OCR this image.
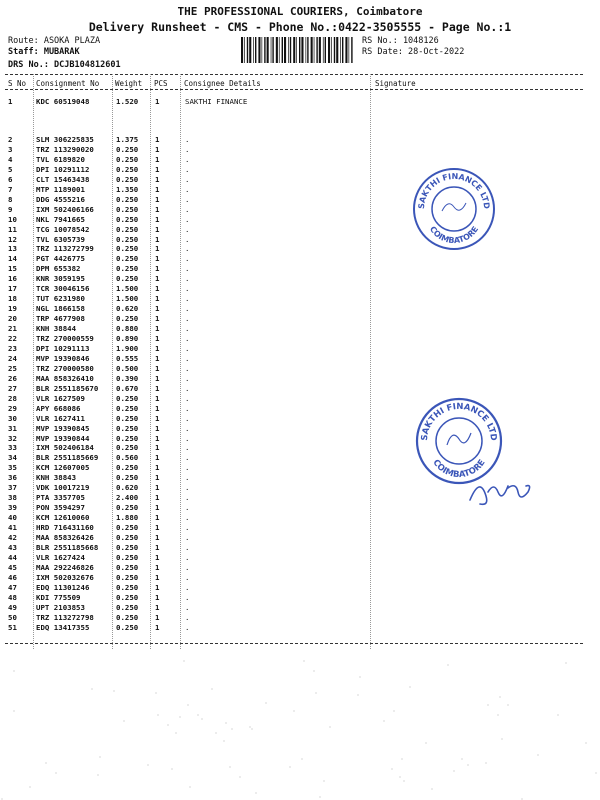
THE PROFESSIONAL COURIERS, Coimbatore
Delivery Runsheet - CMS - Phone No.:0422-3505555 - Page No.:1
Route: ASOKA PLAZA
Staff: MUBARAK
DRS No.: DCJB104812601
RS No.: 1048126
RS Date: 28-Oct-2022
S No Consignment No Weight PCS Consignee Details	Signature
1	KDC 60519048	1.520 1	SAKTHI FINANCE
2	SLM 306225835	1.375 1	.
3	TRZ 113290020	0.250 1	.
4	TVL 6189820	0.250 1	.
5	DPI 10291112	0.250 1	.
6	CLT 15463438	0.250 1	.
7	MTP 1189001	1.350 1	.
8	DDG 4555216	0.250 1	.
9	IXM 502406166	0.250 1	.
10	NKL 7941665	0.250 1	.
11	TCG 10078542	0.250 1	.
12	TVL 6305739	0.250 1	.
13	TRZ 113272799	0.250 1	.
14	PGT 4426775	0.250 1	.
15	DPM 655382	0.250 1	.
16	KNR 3059195	0.250 1	.
17	TCR 30046156	1.500 1	.
18	TUT 6231980	1.500 1	.
19	NGL 1866158	0.620 1	.
20	TRP 4677908	0.250 1	.
21	KNH 38844	0.880 1	.
22	TRZ 270000559	0.890 1	.
23	DPI 10291113	1.900 1	.
24	MVP 19390846	0.555 1	.
25	TRZ 270000580	0.500 1	.
26	MAA 858326410	0.390 1	.
27	BLR 2551185670 0.670 1	.
28	VLR 1627509	0.250 1	.
29	APY 668086	0.250 1	.
30	VLR 1627411	0.250 1	.
31	MVP 19390845	0.250 1	.
32	MVP 19390844	0.250 1	.
33	IXM 502406184	0.250 1	.
34	BLR 2551185669 0.560 1	.
35	KCM 12607005	0.250 1	.
36	KNH 38843	0.250 1	.
37	VDK 10017219	0.620 1	.
38	PTA 3357705	2.400 1	.
39	PON 3594297	0.250 1	.
40	KCM 12610060	1.880 1	.
41	HRD 716431160	0.250 1	.
42	MAA 858326426	0.250 1	.
43	BLR 2551185668 0.250 1	.
44	VLR 1627424	0.250 1	.
45	MAA 292246826	0.250 1	.
46	IXM 502032676	0.250 1	.
47	EDQ 11301246	0.250 1	.
48	KDI 775509	0.250 1	.
49	UPT 2103853	0.250 1	.
50	TRZ 113272798	0.250 1	.
51	EDQ 13417355	0.250 1	.
SAKTHI FINANCE LTD
COIMBATORE
SAKTHI FINANCE LTD
COIMBATORE
